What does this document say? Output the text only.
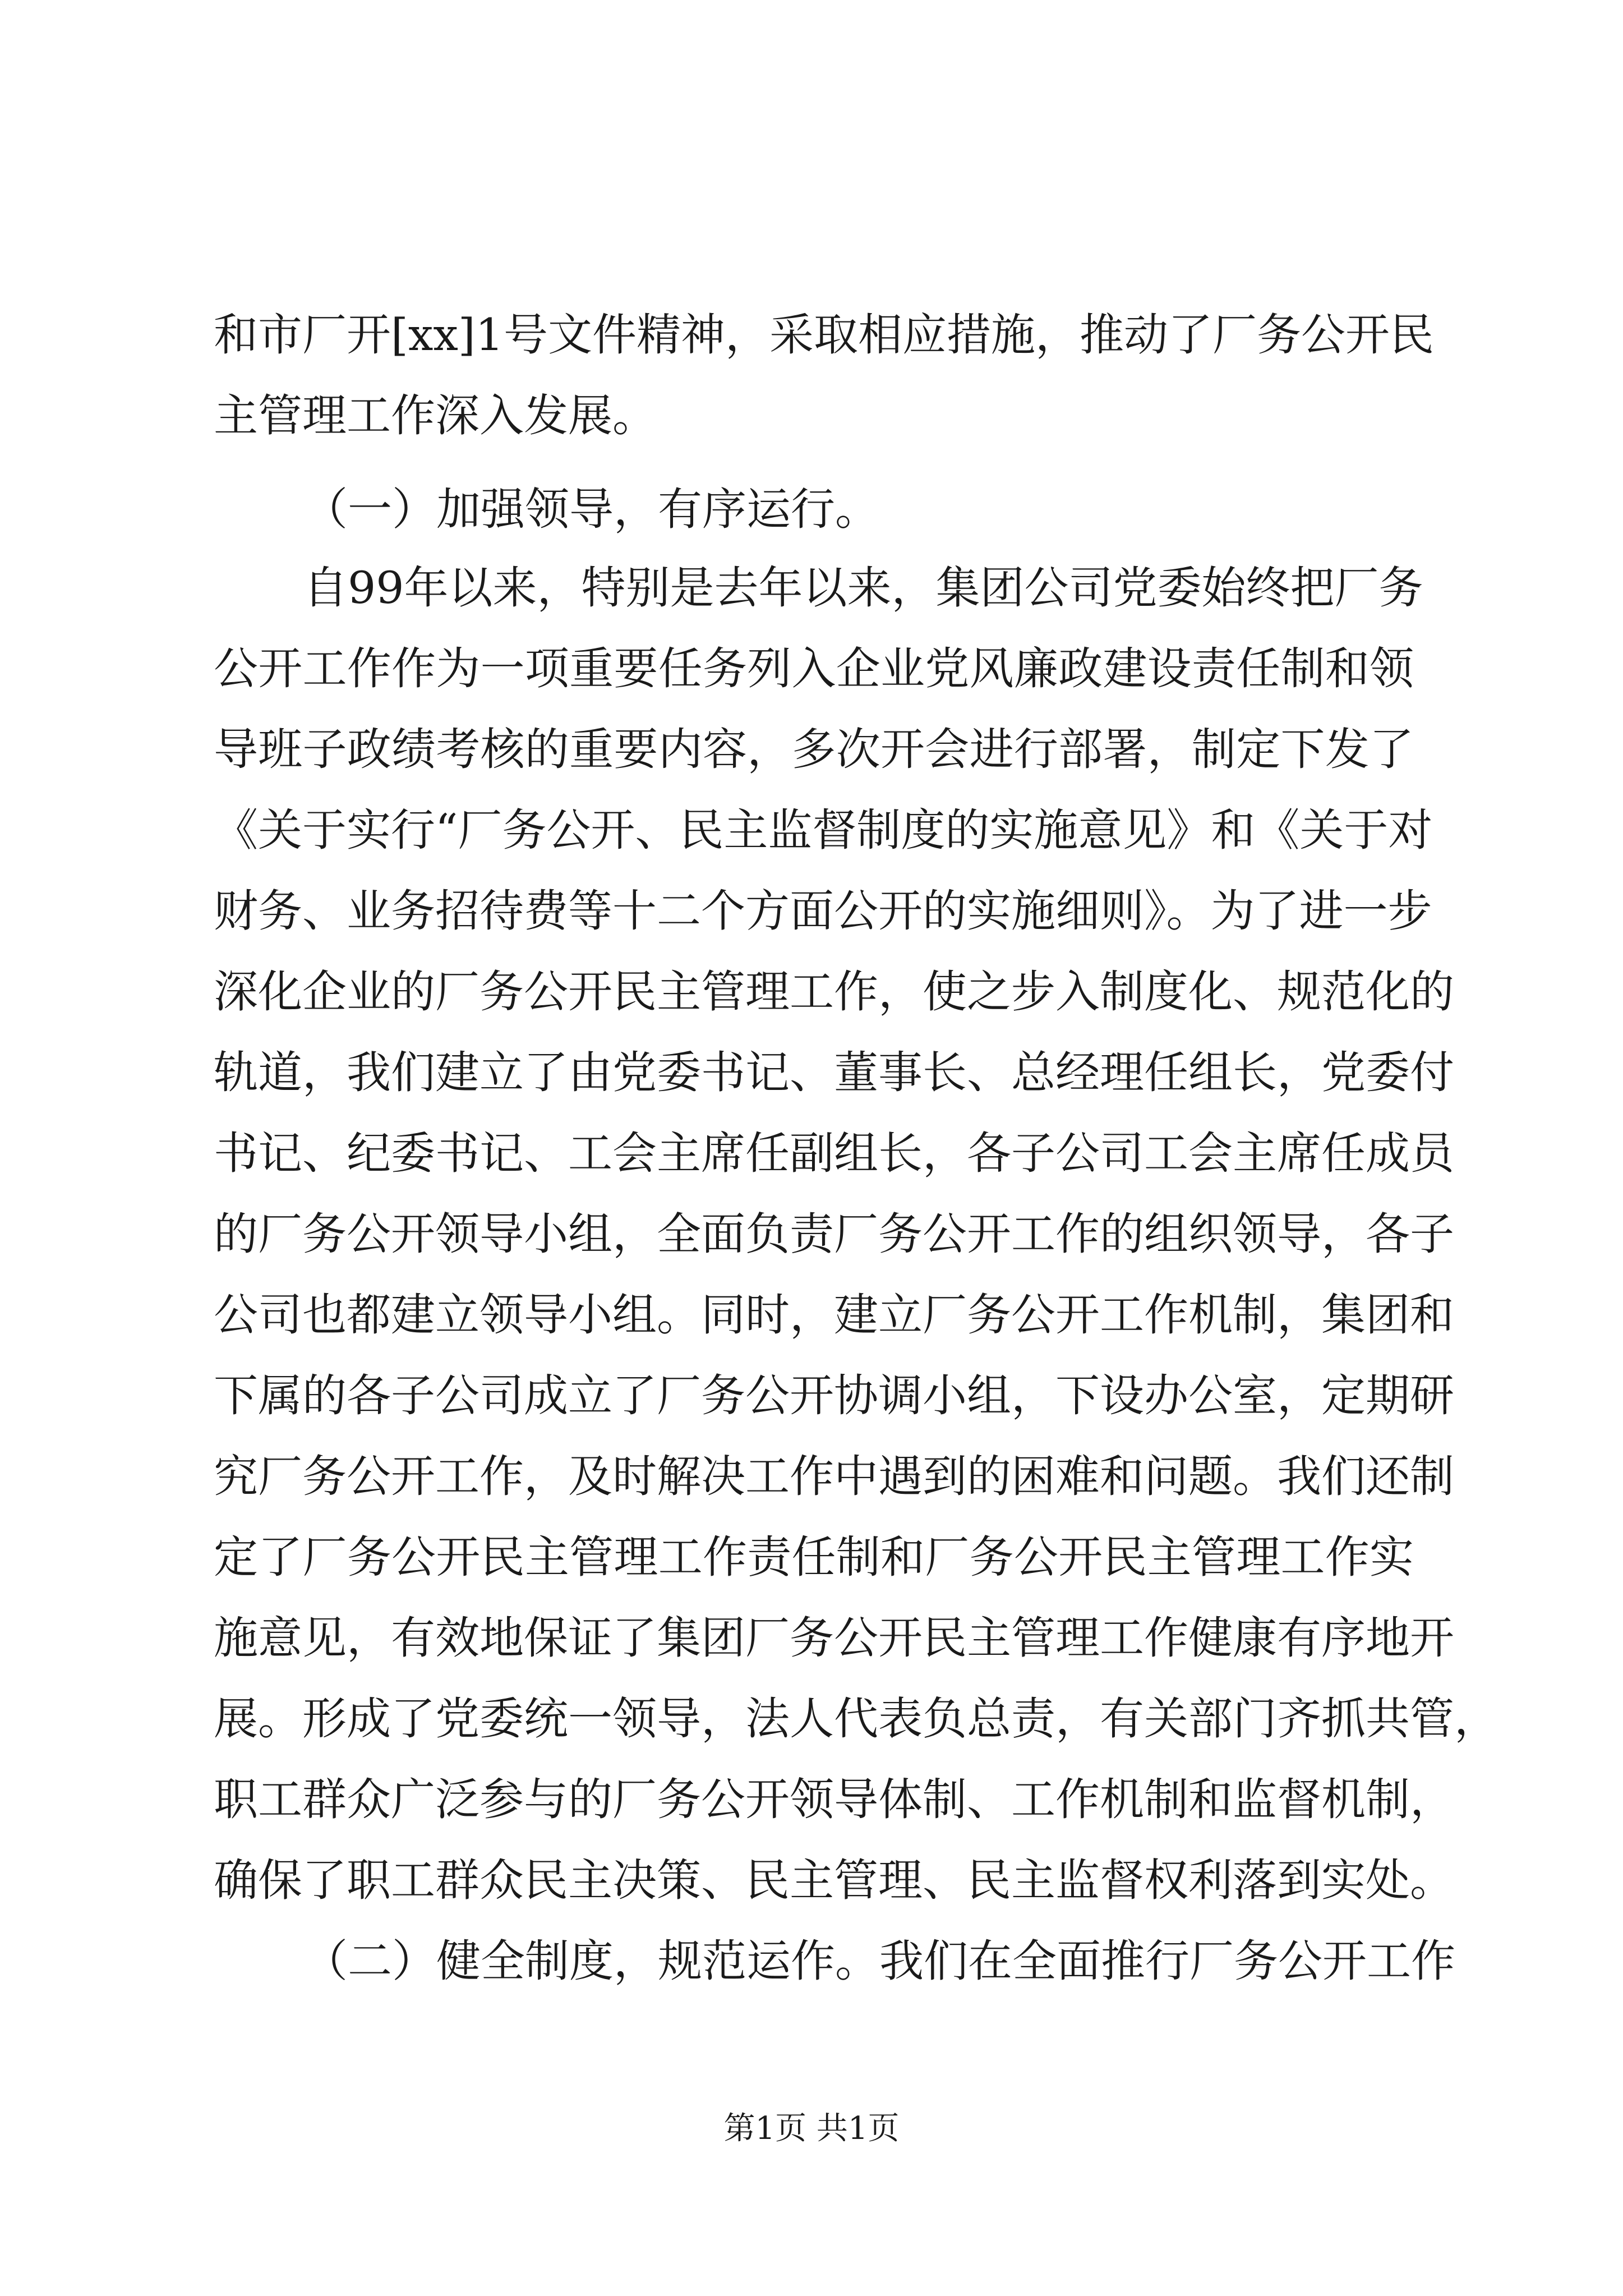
和市厂开[xx]1号文件精神，采取相应措施，推动了厂务公开民
主管理工作深入发展。
（一）加强领导，有序运行。
自99年以来，特别是去年以来，集团公司党委始终把厂务
公开工作作为一项重要任务列入企业党风廉政建设责任制和领
导班子政绩考核的重要内容，多次开会进行部署，制定下发了
《关于实行“厂务公开、民主监督制度的实施意见》和《关于对
财务、业务招待费等十二个方面公开的实施细则》。为了进一步
深化企业的厂务公开民主管理工作，使之步入制度化、规范化的
轨道，我们建立了由党委书记、董事长、总经理任组长，党委付
书记、纪委书记、工会主席任副组长，各子公司工会主席任成员
的厂务公开领导小组，全面负责厂务公开工作的组织领导，各子
公司也都建立领导小组。同时，建立厂务公开工作机制，集团和
下属的各子公司成立了厂务公开协调小组，下设办公室，定期研
究厂务公开工作，及时解决工作中遇到的困难和问题。我们还制
定了厂务公开民主管理工作责任制和厂务公开民主管理工作实
施意见，有效地保证了集团厂务公开民主管理工作健康有序地开
展。形成了党委统一领导，法人代表负总责，有关部门齐抓共管，
职工群众广泛参与的厂务公开领导体制、工作机制和监督机制，
确保了职工群众民主决策、民主管理、民主监督权利落到实处。
（二）健全制度，规范运作。我们在全面推行厂务公开工作
第1页 共1页
